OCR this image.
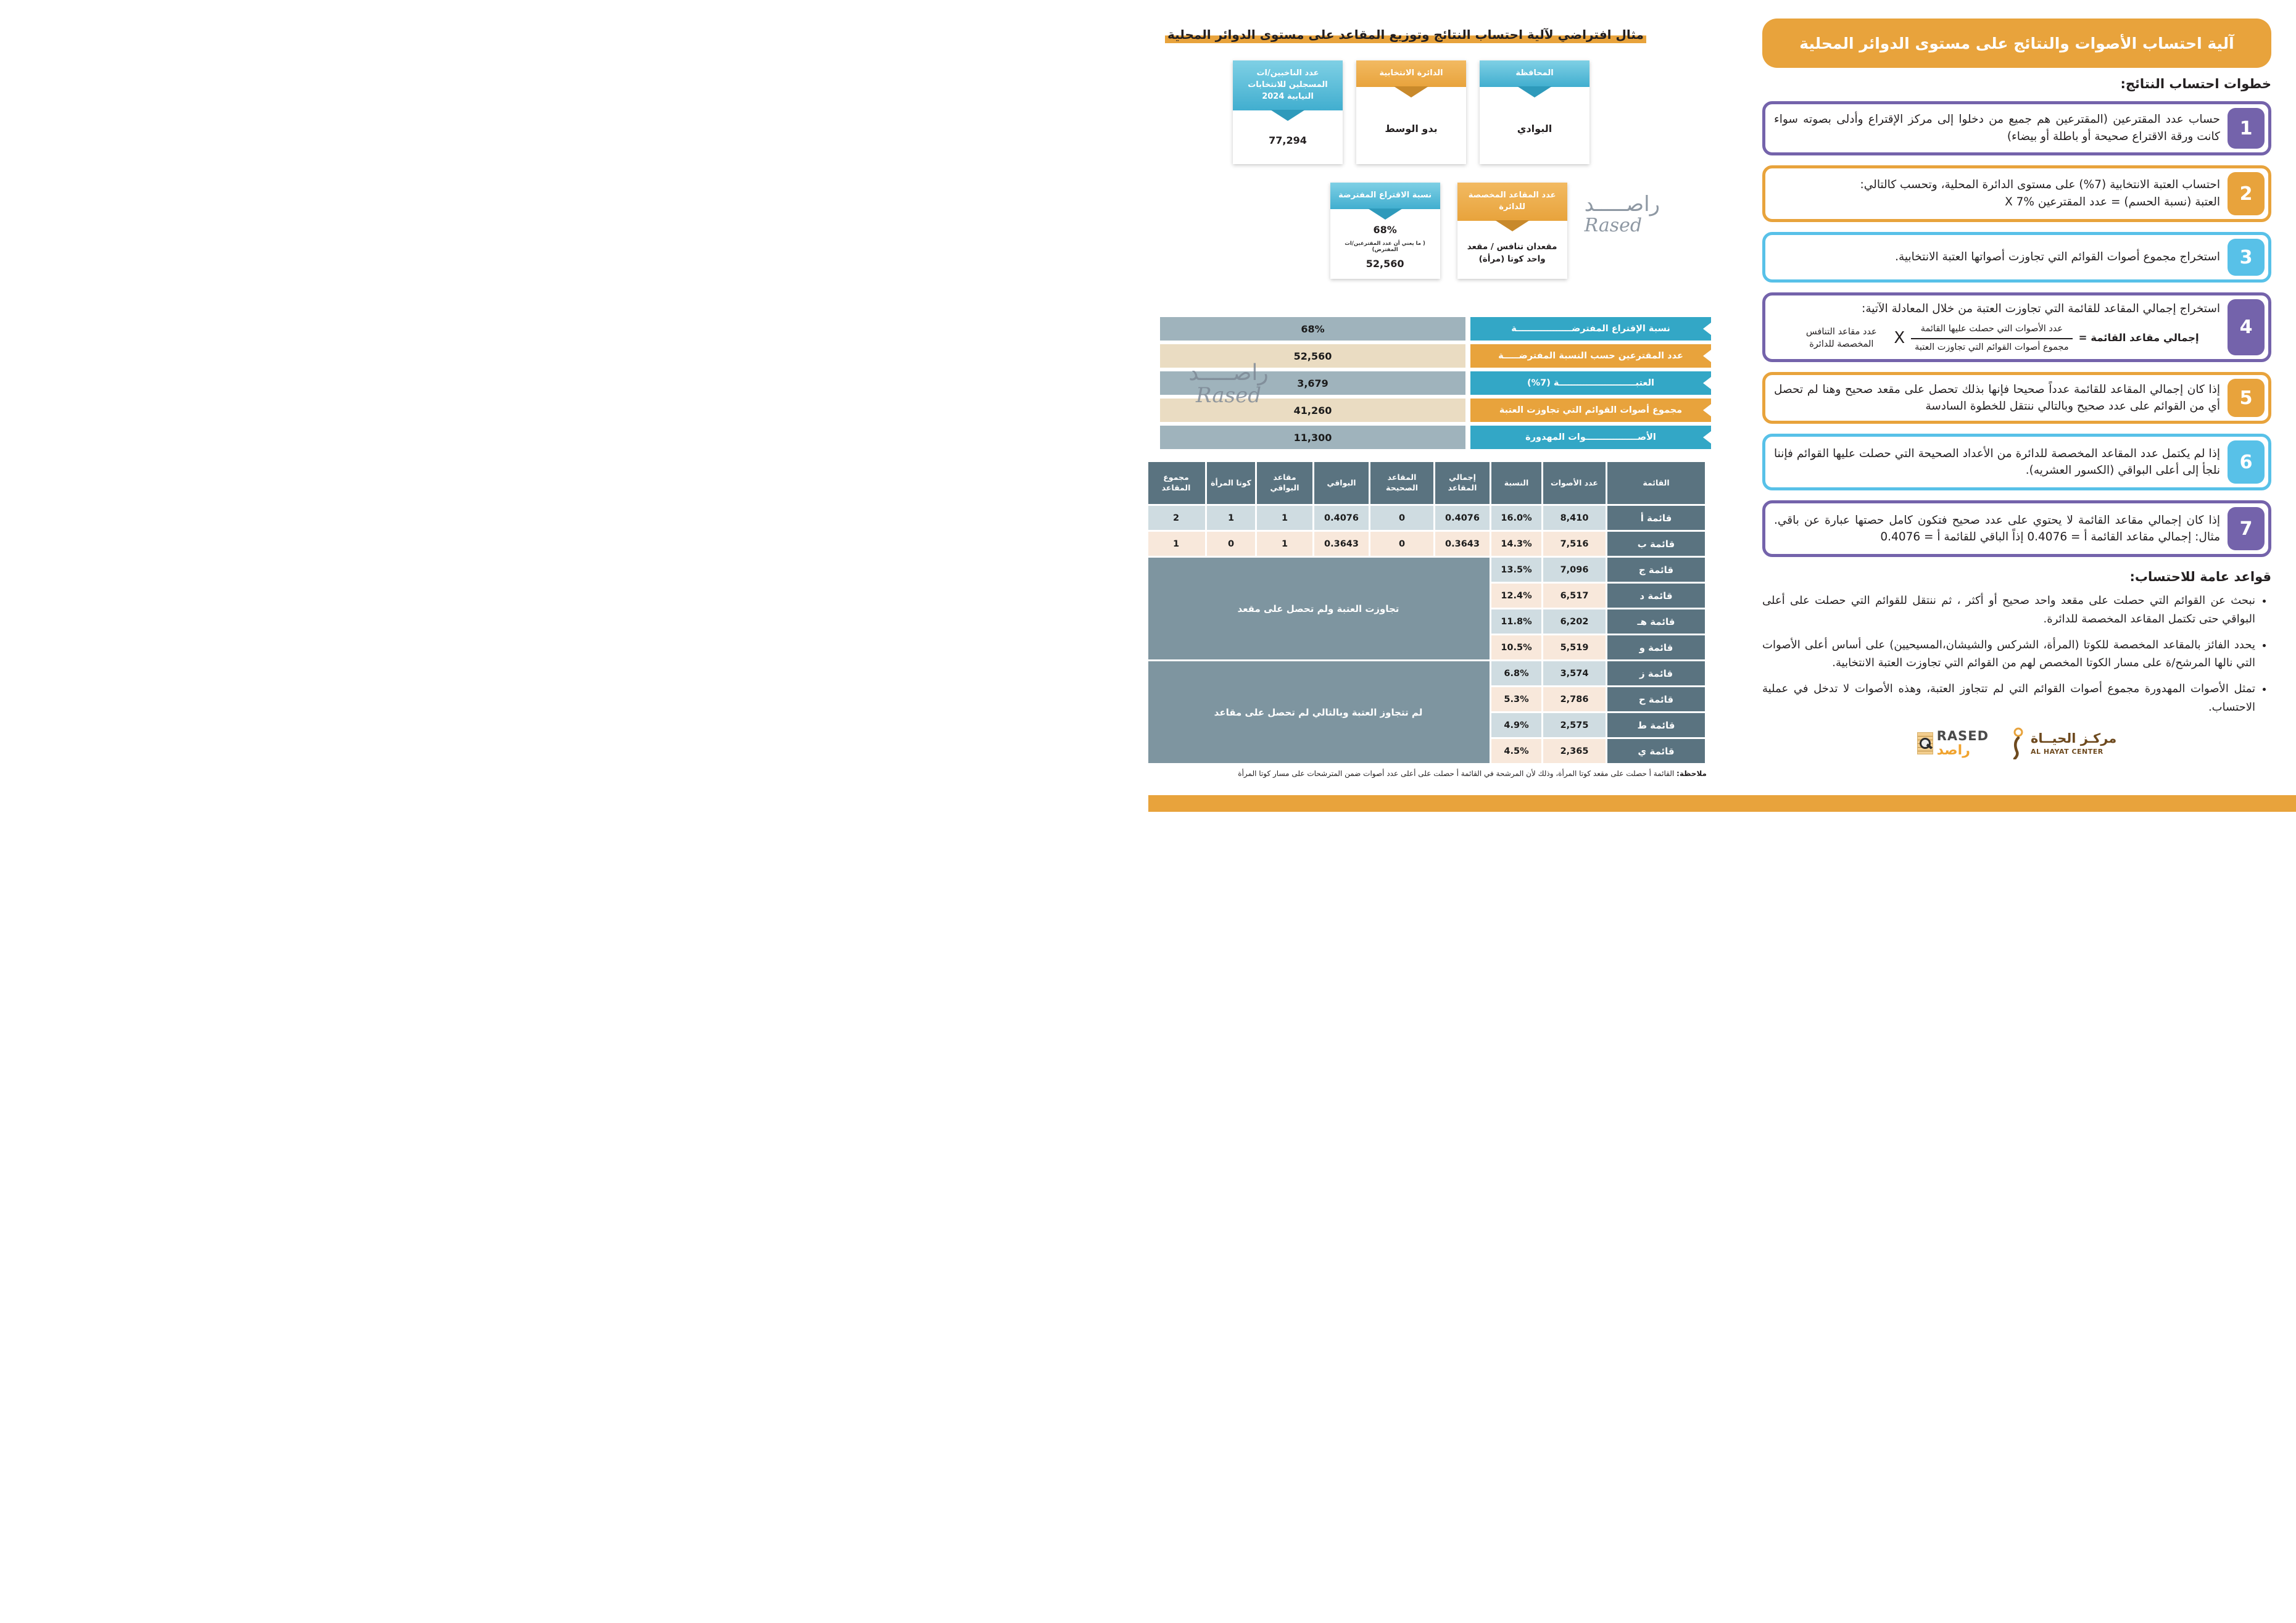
آلية احتساب الأصوات والنتائج على مستوى الدوائر المحلية
خطوات احتساب النتائج:
1
حساب عدد المقترعين (المقترعين هم جميع من دخلوا إلى مركز الإقتراع وأدلى بصوته سواء كانت ورقة الاقتراع صحيحة أو باطلة أو بيضاء)
2
احتساب العتبة الانتخابية (7%) على مستوى الدائرة المحلية، وتحسب كالتالي:
العتبة (نسبة الحسم) = عدد المقترعين X 7%
3
استخراج مجموع أصوات القوائم التي تجاوزت أصواتها العتبة الانتخابية.
4
استخراج إجمالي المقاعد للقائمة التي تجاوزت العتبة من خلال المعادلة الآتية:
إجمالي مقاعد القائمة =
$\frac{\text{عدد الأصوات التي حصلت عليها القائمة}}{\text{مجموع أصوات القوائم التي تجاوزت العتبة}}$
X
عدد مقاعد التنافس المخصصة للدائرة
5
إذا كان إجمالي المقاعد للقائمة عدداً صحيحا فإنها بذلك تحصل على مقعد صحيح وهنا لم تحصل أي من القوائم على عدد صحيح وبالتالي ننتقل للخطوة السادسة
6
إذا لم يكتمل عدد المقاعد المخصصة للدائرة من الأعداد الصحيحة التي حصلت عليها القوائم فإننا نلجأ إلى أعلى البواقي (الكسور العشريه).
7
إذا كان إجمالي مقاعد القائمة لا يحتوي على عدد صحيح فتكون كامل حصتها عبارة عن باقي. مثال: إجمالي مقاعد القائمة أ = 0.4076 إذاً الباقي للقائمة أ = 0.4076
قواعد عامة للاحتساب:
• نبحث عن القوائم التي حصلت على مقعد واحد صحيح أو أكثر ، ثم ننتقل للقوائم التي حصلت على أعلى البواقي حتى تكتمل المقاعد المخصصة للدائرة.
• يحدد الفائز بالمقاعد المخصصة للكوتا (المرأة، الشركس والشيشان،المسيحيين) على أساس أعلى الأصوات التي نالها المرشح/ة على مسار الكوتا المخصص لهم من القوائم التي تجاوزت العتبة الانتخابية.
• تمثل الأصوات المهدورة مجموع أصوات القوائم التي لم تتجاوز العتبة، وهذه الأصوات لا تدخل في عملية الاحتساب.
مركـز الحيــاة
AL HAYAT CENTER
RASED
راصد
مثال افتراضي لآلية احتساب النتائج وتوزيع المقاعد على مستوى الدوائر المحلية
المحافظة
البوادي
الدائرة الانتخابية
بدو الوسط
عدد الناخبين/ات المسجلين للانتخابات النيابية 2024
77,294
راصـــــد
Rased
عدد المقاعد المخصصة للدائرة
مقعدان تنافس / مقعد واحد كوتا (مرأة)
نسبة الاقتراع المفترضة
68%
( ما يعني أن عدد المقترعين/ات المفترض)
52,560
راصـــــد
Rased
نسبة الإقتراع المفترضــــــــــــــــــة
68%
عدد المقترعين حسب النسبة المفترضـــــة
52,560
العتبـــــــــــــــــــــــــة (7%)
3,679
مجموع أصوات القوائم التي تجاوزت العتبة
41,260
الأصـــــــــــــــــوات المهدورة
11,300
القائمة	عدد الأصوات	النسبة	إجمالي المقاعد	المقاعد الصحيحة	البواقي	مقاعد البواقي	كوتا المرأة	مجموع المقاعد
قائمة أ	8,410	16.0%	0.4076	0	0.4076	1	1	2
قائمة ب	7,516	14.3%	0.3643	0	0.3643	1	0	1
قائمة ج	7,096	13.5%	تجاوزت العتبة ولم تحصل على مقعد					
قائمة د	6,517	12.4%						
قائمة هـ	6,202	11.8%						
قائمة و	5,519	10.5%						
قائمة ز	3,574	6.8%	لم تتجاوز العتبة وبالتالي لم تحصل على مقاعد					
قائمة ح	2,786	5.3%						
قائمة ط	2,575	4.9%						
قائمة ي	2,365	4.5%						
ملاحظة: القائمة أ حصلت على مقعد كوتا المرأة، وذلك لأن المرشحة في القائمة أ حصلت على أعلى عدد أصوات ضمن المترشحات على مسار كوتا المرأة
